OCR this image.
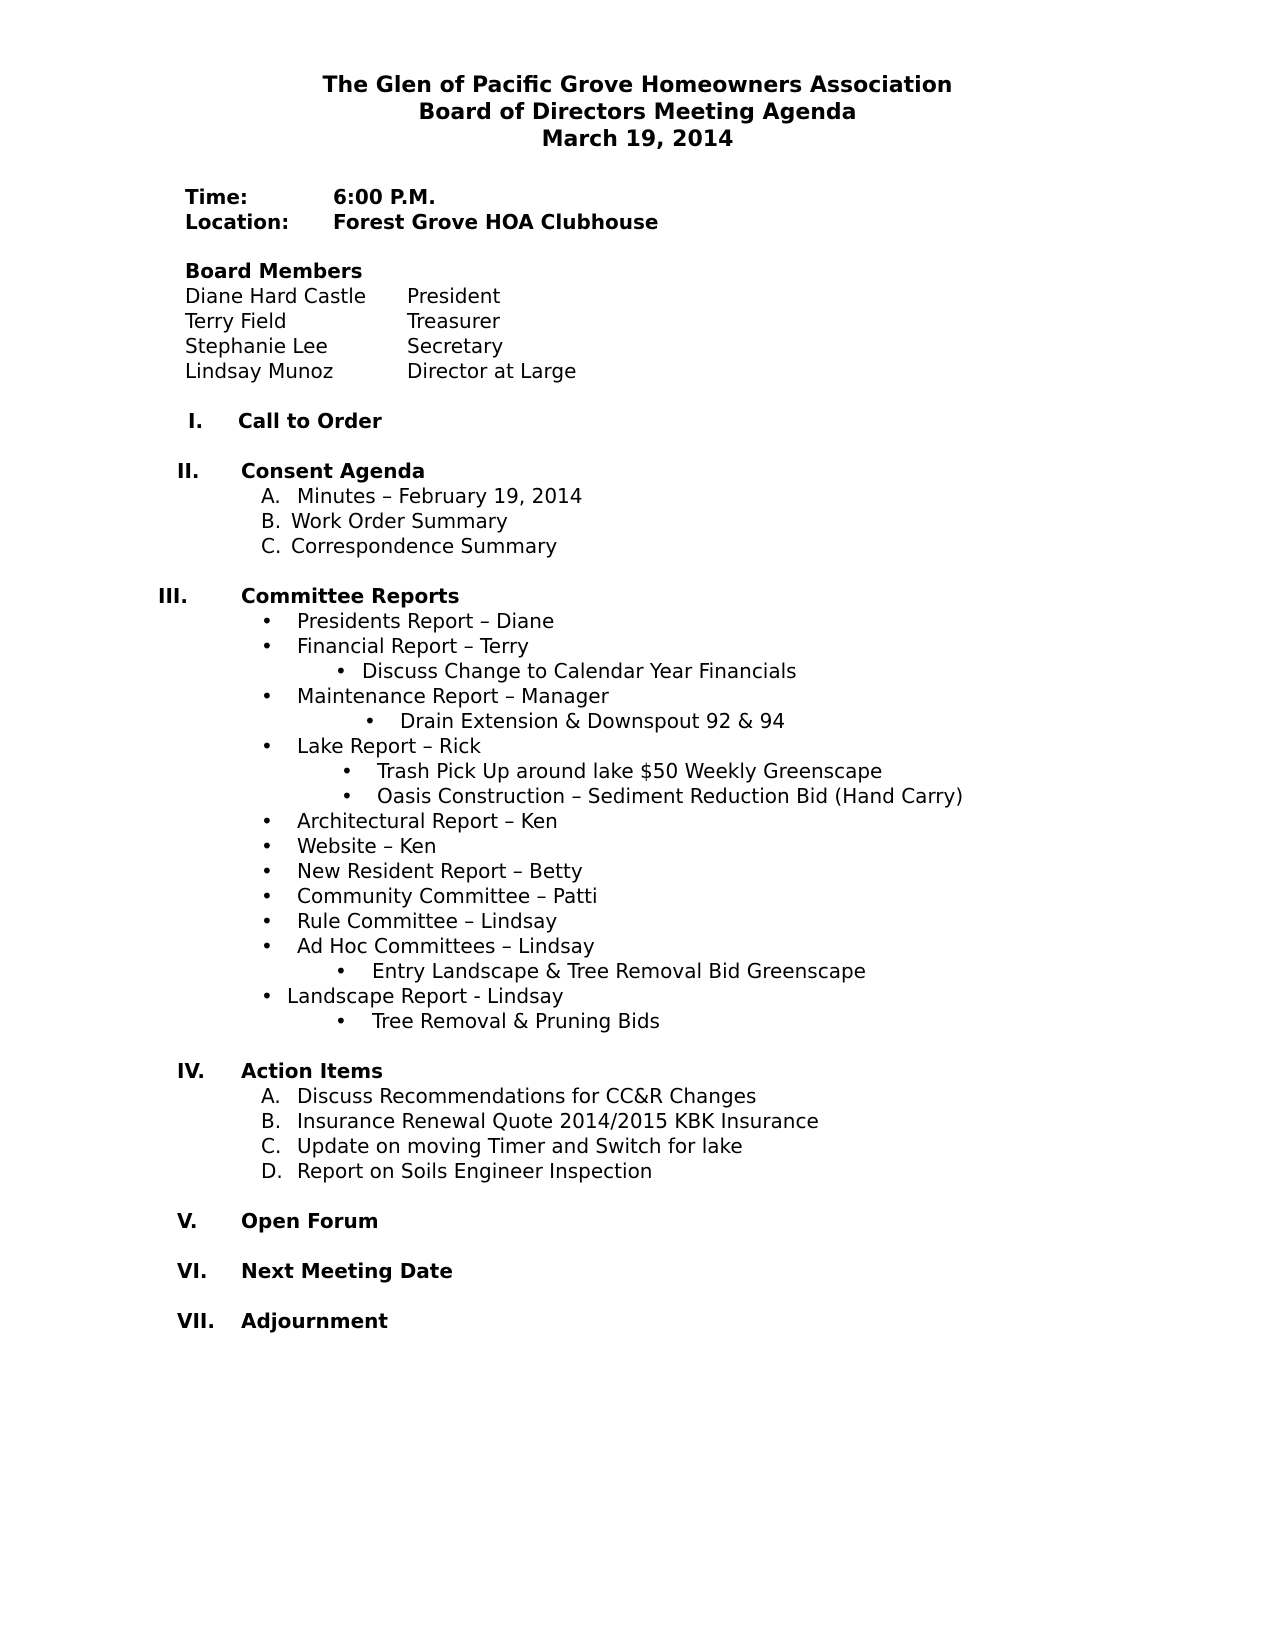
The Glen of Pacific Grove Homeowners Association
Board of Directors Meeting Agenda
March 19, 2014
Time:	6:00 P.M.
Location: Forest Grove HOA Clubhouse
Board Members
Diane Hard Castle President
Terry Field	Treasurer
Stephanie Lee	Secretary
Lindsay Munoz	Director at Large
I. Call to Order
II. Consent Agenda
A. Minutes – February 19, 2014
B. Work Order Summary
C. Correspondence Summary
III.	Committee Reports
• Presidents Report – Diane
• Financial Report – Terry
• Discuss Change to Calendar Year Financials
• Maintenance Report – Manager
• Drain Extension & Downspout 92 & 94
• Lake Report – Rick
• Trash Pick Up around lake $50 Weekly Greenscape
• Oasis Construction – Sediment Reduction Bid (Hand Carry)
• Architectural Report – Ken
• Website – Ken
• New Resident Report – Betty
• Community Committee – Patti
• Rule Committee – Lindsay
• Ad Hoc Committees – Lindsay
• Entry Landscape & Tree Removal Bid Greenscape
• Landscape Report - Lindsay
• Tree Removal & Pruning Bids
IV. Action Items
A. Discuss Recommendations for CC&R Changes
B. Insurance Renewal Quote 2014/2015 KBK Insurance
C. Update on moving Timer and Switch for lake
D. Report on Soils Engineer Inspection
V. Open Forum
VI. Next Meeting Date
VII. Adjournment
